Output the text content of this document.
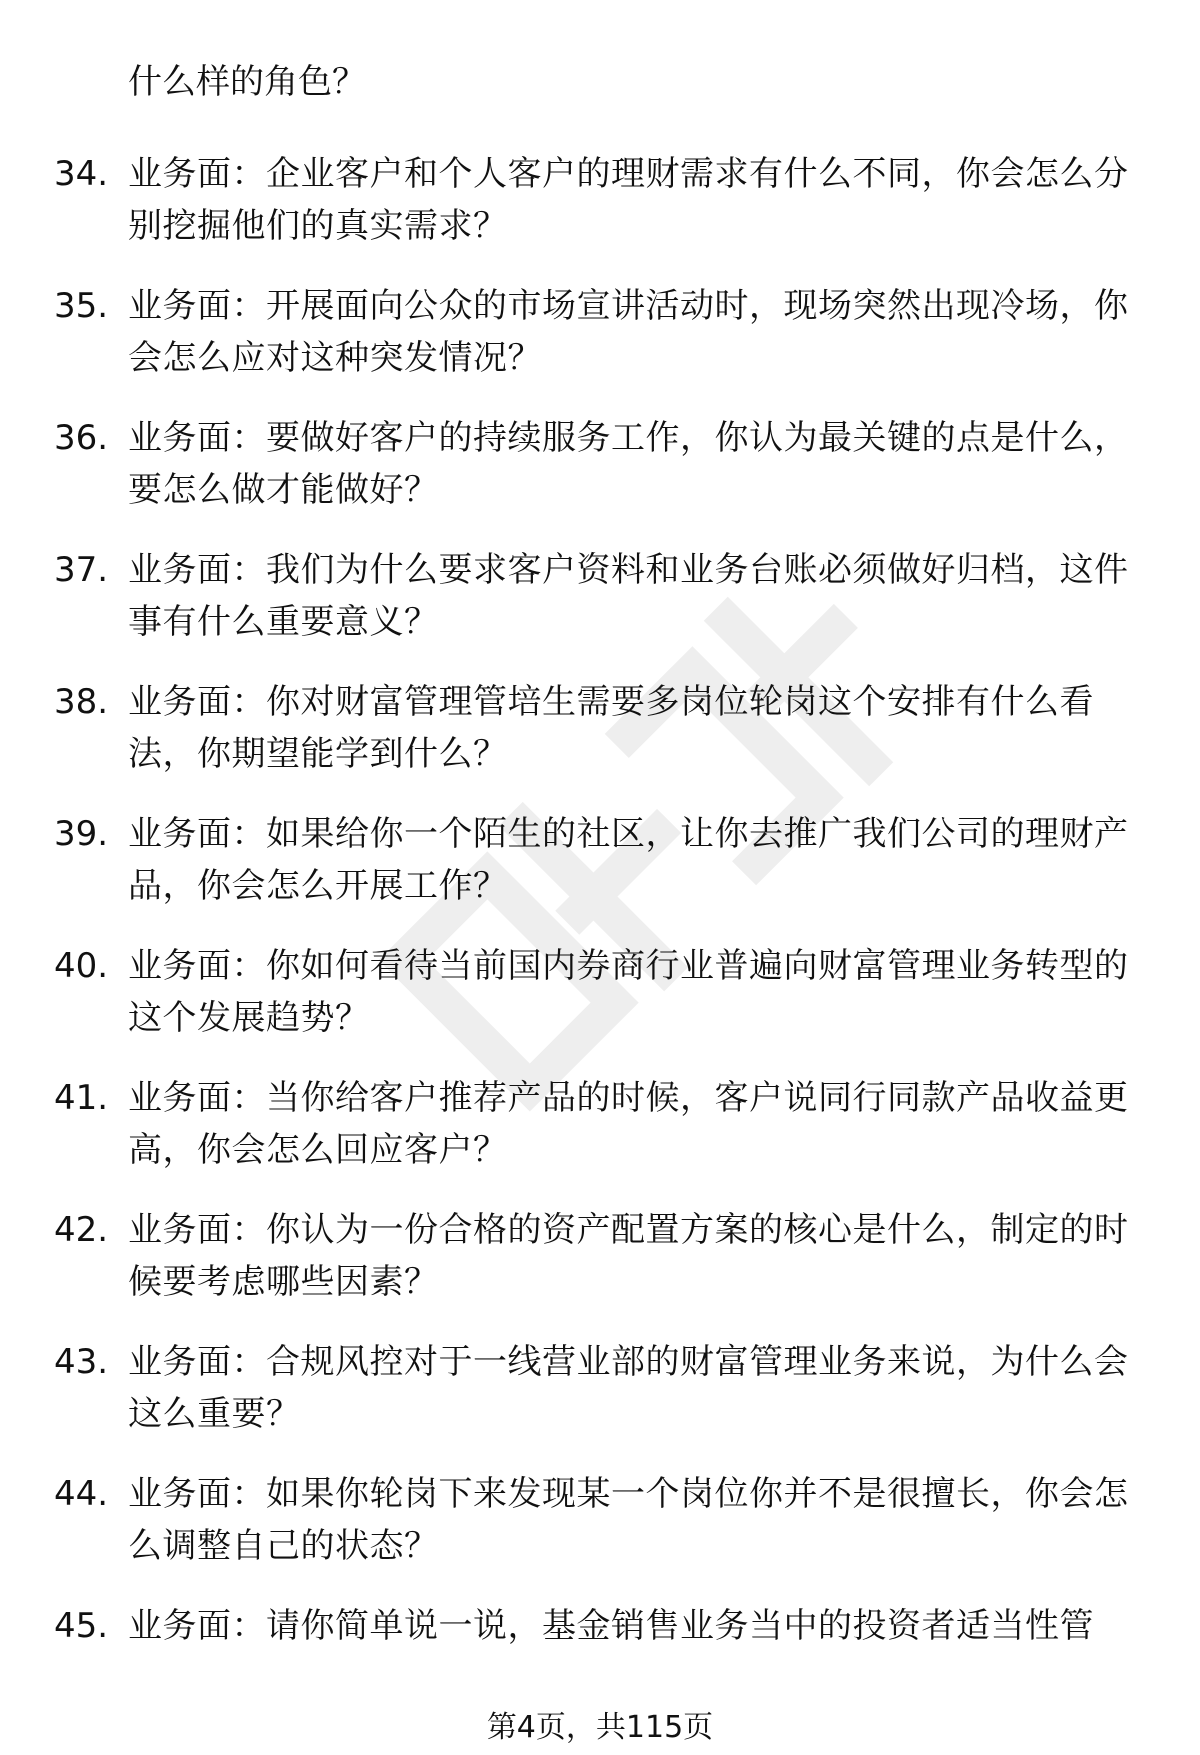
什么样的角色？
34. 业务面：企业客户和个人客户的理财需求有什么不同，你会怎么分别挖掘他们的真实需求？
35. 业务面：开展面向公众的市场宣讲活动时，现场突然出现冷场，你会怎么应对这种突发情况？
36. 业务面：要做好客户的持续服务工作，你认为最关键的点是什么，要怎么做才能做好？
37. 业务面：我们为什么要求客户资料和业务台账必须做好归档，这件事有什么重要意义？
38. 业务面：你对财富管理管培生需要多岗位轮岗这个安排有什么看法，你期望能学到什么？
39. 业务面：如果给你一个陌生的社区，让你去推广我们公司的理财产品，你会怎么开展工作？
40. 业务面：你如何看待当前国内券商行业普遍向财富管理业务转型的这个发展趋势？
41. 业务面：当你给客户推荐产品的时候，客户说同行同款产品收益更高，你会怎么回应客户？
42. 业务面：你认为一份合格的资产配置方案的核心是什么，制定的时候要考虑哪些因素？
43. 业务面：合规风控对于一线营业部的财富管理业务来说，为什么会这么重要？
44. 业务面：如果你轮岗下来发现某一个岗位你并不是很擅长，你会怎么调整自己的状态？
45. 业务面：请你简单说一说，基金销售业务当中的投资者适当性管
第4页，共115页
